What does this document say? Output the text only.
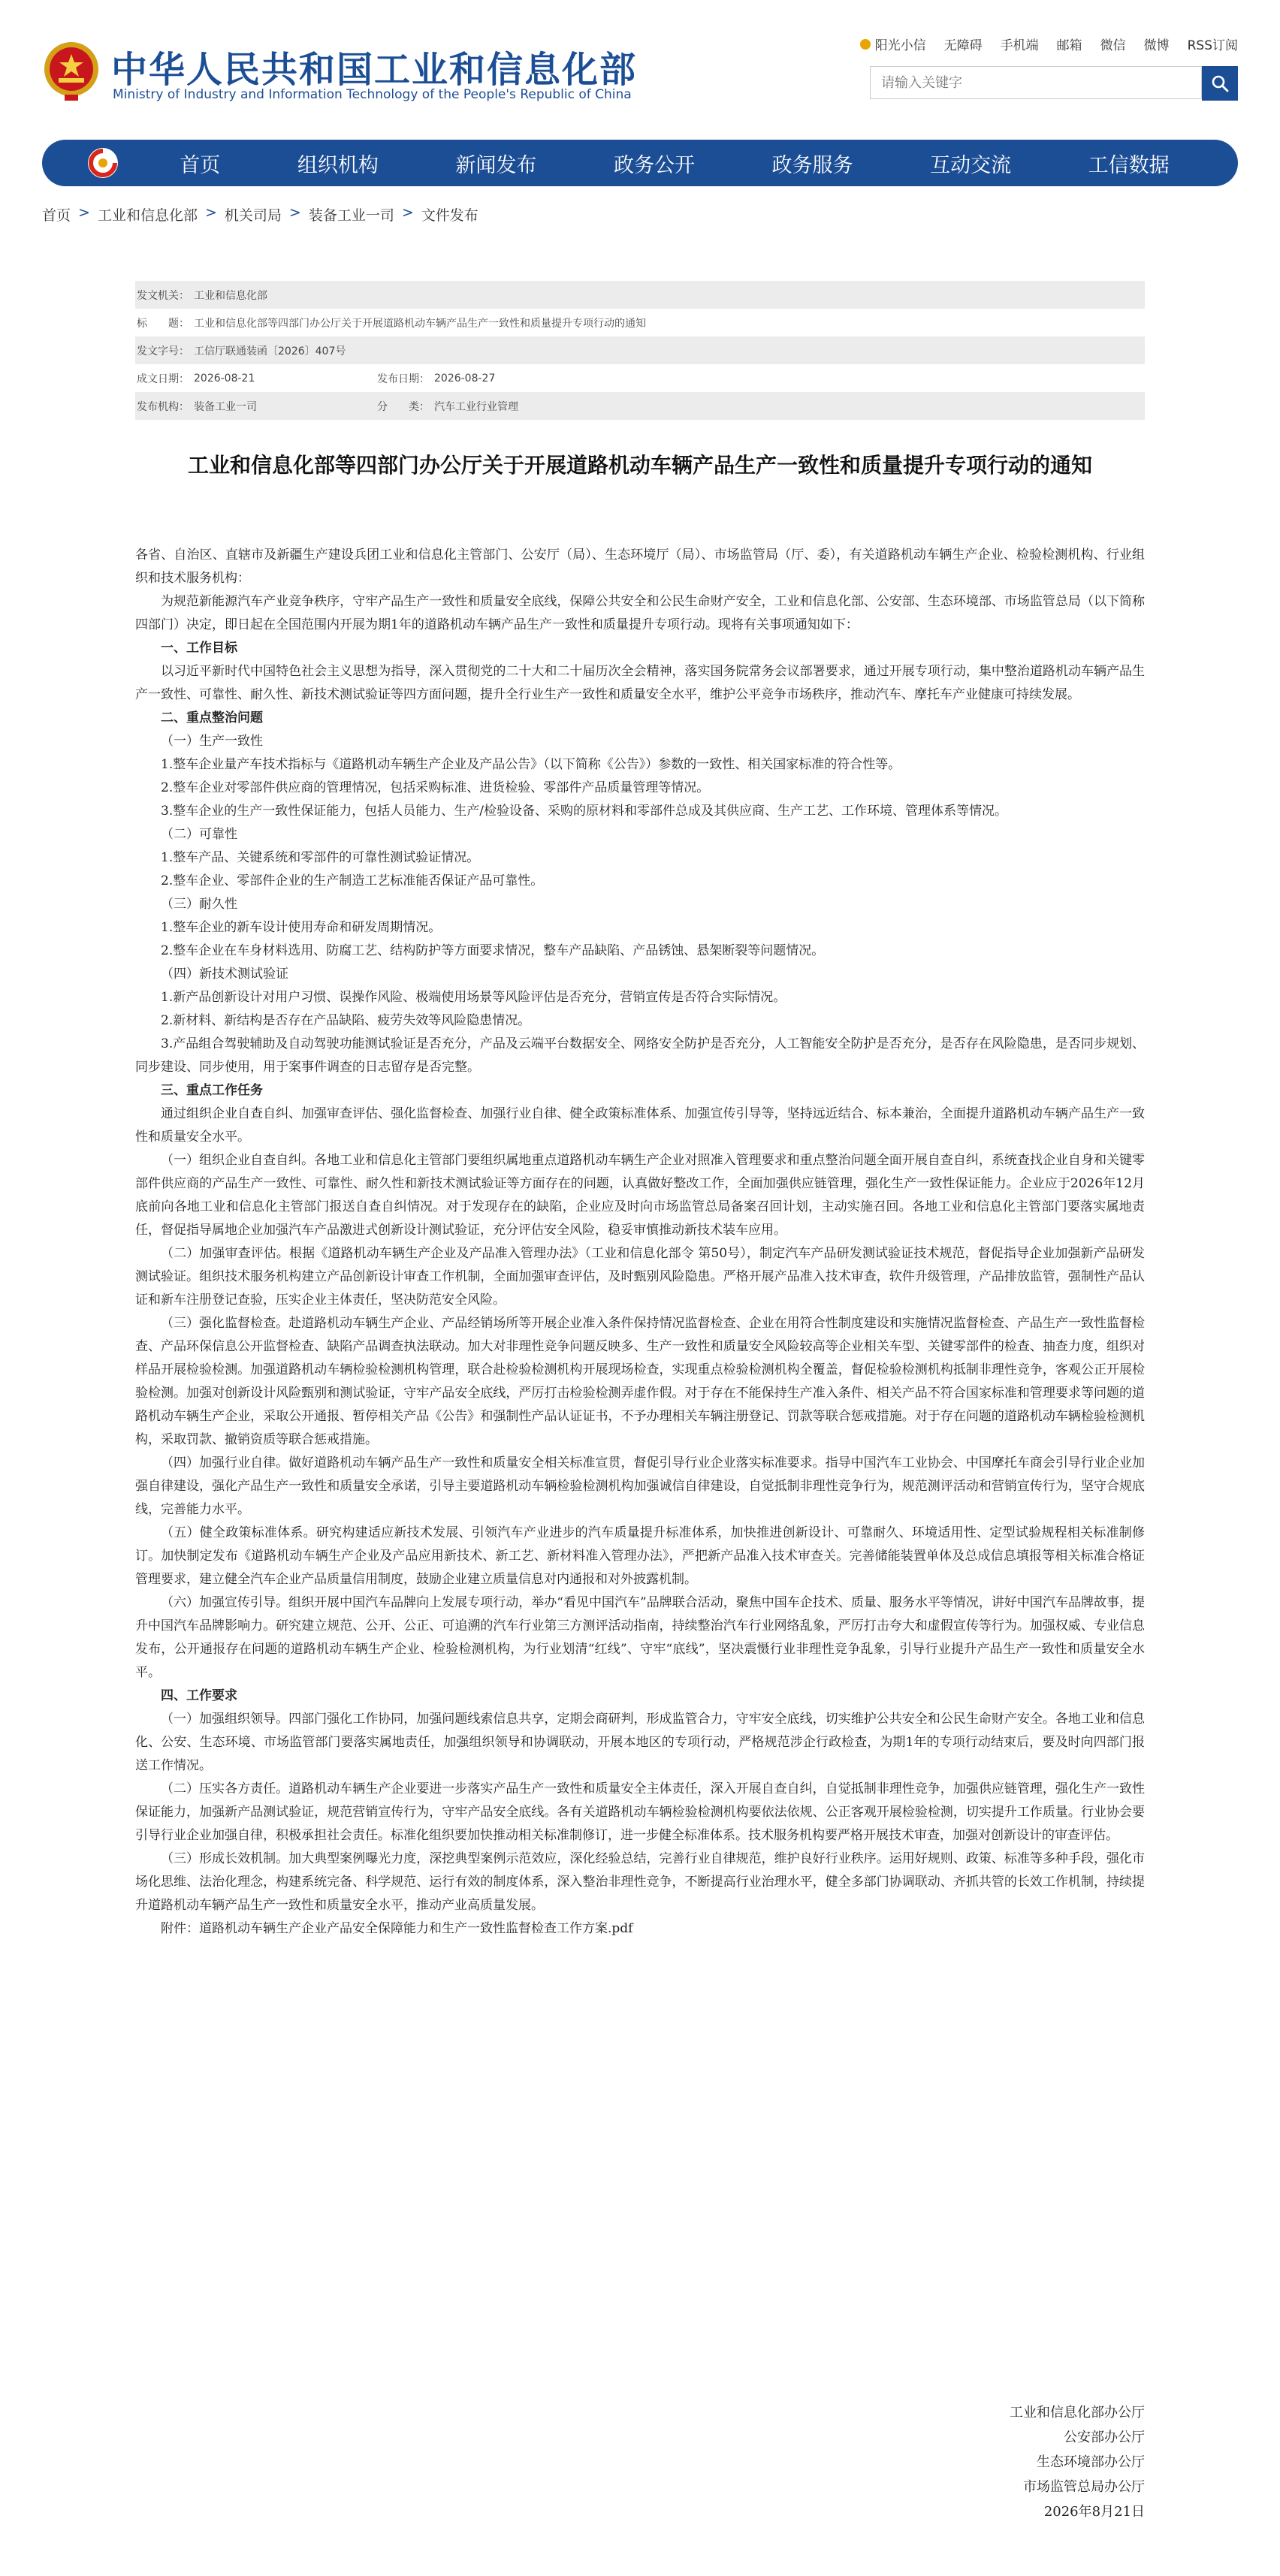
中华人民共和国工业和信息化部
Ministry of Industry and Information Technology of the People's Republic of China
阳光小信 无障碍 手机端 邮箱 微信 微博 RSS订阅
请输入关键字
首页	组织机构	新闻发布	政务公开	政务服务	互动交流	工信数据
首页 > 工业和信息化部 > 机关司局 > 装备工业一司 > 文件发布
发文机关： 工业和信息化部
标　　题： 工业和信息化部等四部门办公厅关于开展道路机动车辆产品生产一致性和质量提升专项行动的通知
发文字号： 工信厅联通装函〔2026〕407号
成文日期： 2026-08-21	发布日期： 2026-08-27
发布机构： 装备工业一司	分　　类： 汽车工业行业管理
工业和信息化部等四部门办公厅关于开展道路机动车辆产品生产一致性和质量提升专项行动的通知

各省、自治区、直辖市及新疆生产建设兵团工业和信息化主管部门、公安厅（局）、生态环境厅（局）、市场监管局（厅、委），有关道路机动车辆生产企业、检验检测机构、行业组织和技术服务机构：

为规范新能源汽车产业竞争秩序，守牢产品生产一致性和质量安全底线，保障公共安全和公民生命财产安全，工业和信息化部、公安部、生态环境部、市场监管总局（以下简称四部门）决定，即日起在全国范围内开展为期1年的道路机动车辆产品生产一致性和质量提升专项行动。现将有关事项通知如下：

一、工作目标

以习近平新时代中国特色社会主义思想为指导，深入贯彻党的二十大和二十届历次全会精神，落实国务院常务会议部署要求，通过开展专项行动，集中整治道路机动车辆产品生产一致性、可靠性、耐久性、新技术测试验证等四方面问题，提升全行业生产一致性和质量安全水平，维护公平竞争市场秩序，推动汽车、摩托车产业健康可持续发展。

二、重点整治问题

（一）生产一致性

1.整车企业量产车技术指标与《道路机动车辆生产企业及产品公告》（以下简称《公告》）参数的一致性、相关国家标准的符合性等。

2.整车企业对零部件供应商的管理情况，包括采购标准、进货检验、零部件产品质量管理等情况。

3.整车企业的生产一致性保证能力，包括人员能力、生产/检验设备、采购的原材料和零部件总成及其供应商、生产工艺、工作环境、管理体系等情况。

（二）可靠性

1.整车产品、关键系统和零部件的可靠性测试验证情况。

2.整车企业、零部件企业的生产制造工艺标准能否保证产品可靠性。

（三）耐久性

1.整车企业的新车设计使用寿命和研发周期情况。

2.整车企业在车身材料选用、防腐工艺、结构防护等方面要求情况，整车产品缺陷、产品锈蚀、悬架断裂等问题情况。

（四）新技术测试验证

1.新产品创新设计对用户习惯、误操作风险、极端使用场景等风险评估是否充分，营销宣传是否符合实际情况。

2.新材料、新结构是否存在产品缺陷、疲劳失效等风险隐患情况。

3.产品组合驾驶辅助及自动驾驶功能测试验证是否充分，产品及云端平台数据安全、网络安全防护是否充分，人工智能安全防护是否充分，是否存在风险隐患，是否同步规划、同步建设、同步使用，用于案事件调查的日志留存是否完整。

三、重点工作任务

通过组织企业自查自纠、加强审查评估、强化监督检查、加强行业自律、健全政策标准体系、加强宣传引导等，坚持远近结合、标本兼治，全面提升道路机动车辆产品生产一致性和质量安全水平。

（一）组织企业自查自纠。各地工业和信息化主管部门要组织属地重点道路机动车辆生产企业对照准入管理要求和重点整治问题全面开展自查自纠，系统查找企业自身和关键零部件供应商的产品生产一致性、可靠性、耐久性和新技术测试验证等方面存在的问题，认真做好整改工作，全面加强供应链管理，强化生产一致性保证能力。企业应于2026年12月底前向各地工业和信息化主管部门报送自查自纠情况。对于发现存在的缺陷，企业应及时向市场监管总局备案召回计划，主动实施召回。各地工业和信息化主管部门要落实属地责任，督促指导属地企业加强汽车产品激进式创新设计测试验证，充分评估安全风险，稳妥审慎推动新技术装车应用。

（二）加强审查评估。根据《道路机动车辆生产企业及产品准入管理办法》（工业和信息化部令 第50号），制定汽车产品研发测试验证技术规范，督促指导企业加强新产品研发测试验证。组织技术服务机构建立产品创新设计审查工作机制，全面加强审查评估，及时甄别风险隐患。严格开展产品准入技术审查，软件升级管理，产品排放监管，强制性产品认证和新车注册登记查验，压实企业主体责任，坚决防范安全风险。

（三）强化监督检查。赴道路机动车辆生产企业、产品经销场所等开展企业准入条件保持情况监督检查、企业在用符合性制度建设和实施情况监督检查、产品生产一致性监督检查、产品环保信息公开监督检查、缺陷产品调查执法联动。加大对非理性竞争问题反映多、生产一致性和质量安全风险较高等企业相关车型、关键零部件的检查、抽查力度，组织对样品开展检验检测。加强道路机动车辆检验检测机构管理，联合赴检验检测机构开展现场检查，实现重点检验检测机构全覆盖，督促检验检测机构抵制非理性竞争，客观公正开展检验检测。加强对创新设计风险甄别和测试验证，守牢产品安全底线，严厉打击检验检测弄虚作假。对于存在不能保持生产准入条件、相关产品不符合国家标准和管理要求等问题的道路机动车辆生产企业，采取公开通报、暂停相关产品《公告》和强制性产品认证证书，不予办理相关车辆注册登记、罚款等联合惩戒措施。对于存在问题的道路机动车辆检验检测机构，采取罚款、撤销资质等联合惩戒措施。

（四）加强行业自律。做好道路机动车辆产品生产一致性和质量安全相关标准宣贯，督促引导行业企业落实标准要求。指导中国汽车工业协会、中国摩托车商会引导行业企业加强自律建设，强化产品生产一致性和质量安全承诺，引导主要道路机动车辆检验检测机构加强诚信自律建设，自觉抵制非理性竞争行为，规范测评活动和营销宣传行为，坚守合规底线，完善能力水平。

（五）健全政策标准体系。研究构建适应新技术发展、引领汽车产业进步的汽车质量提升标准体系，加快推进创新设计、可靠耐久、环境适用性、定型试验规程相关标准制修订。加快制定发布《道路机动车辆生产企业及产品应用新技术、新工艺、新材料准入管理办法》，严把新产品准入技术审查关。完善储能装置单体及总成信息填报等相关标准合格证管理要求，建立健全汽车企业产品质量信用制度，鼓励企业建立质量信息对内通报和对外披露机制。

（六）加强宣传引导。组织开展中国汽车品牌向上发展专项行动，举办“看见中国汽车”品牌联合活动，聚焦中国车企技术、质量、服务水平等情况，讲好中国汽车品牌故事，提升中国汽车品牌影响力。研究建立规范、公开、公正、可追溯的汽车行业第三方测评活动指南，持续整治汽车行业网络乱象，严厉打击夸大和虚假宣传等行为。加强权威、专业信息发布，公开通报存在问题的道路机动车辆生产企业、检验检测机构，为行业划清“红线”、守牢“底线”，坚决震慑行业非理性竞争乱象，引导行业提升产品生产一致性和质量安全水平。

四、工作要求

（一）加强组织领导。四部门强化工作协同，加强问题线索信息共享，定期会商研判，形成监管合力，守牢安全底线，切实维护公共安全和公民生命财产安全。各地工业和信息化、公安、生态环境、市场监管部门要落实属地责任，加强组织领导和协调联动，开展本地区的专项行动，严格规范涉企行政检查，为期1年的专项行动结束后，要及时向四部门报送工作情况。

（二）压实各方责任。道路机动车辆生产企业要进一步落实产品生产一致性和质量安全主体责任，深入开展自查自纠，自觉抵制非理性竞争，加强供应链管理，强化生产一致性保证能力，加强新产品测试验证，规范营销宣传行为，守牢产品安全底线。各有关道路机动车辆检验检测机构要依法依规、公正客观开展检验检测，切实提升工作质量。行业协会要引导行业企业加强自律，积极承担社会责任。标准化组织要加快推动相关标准制修订，进一步健全标准体系。技术服务机构要严格开展技术审查，加强对创新设计的审查评估。

（三）形成长效机制。加大典型案例曝光力度，深挖典型案例示范效应，深化经验总结，完善行业自律规范，维护良好行业秩序。运用好规则、政策、标准等多种手段，强化市场化思维、法治化理念，构建系统完备、科学规范、运行有效的制度体系，深入整治非理性竞争，不断提高行业治理水平，健全多部门协调联动、齐抓共管的长效工作机制，持续提升道路机动车辆产品生产一致性和质量安全水平，推动产业高质量发展。

附件：道路机动车辆生产企业产品安全保障能力和生产一致性监督检查工作方案.pdf

工业和信息化部办公厅
公安部办公厅
生态环境部办公厅
市场监管总局办公厅
2026年8月21日
